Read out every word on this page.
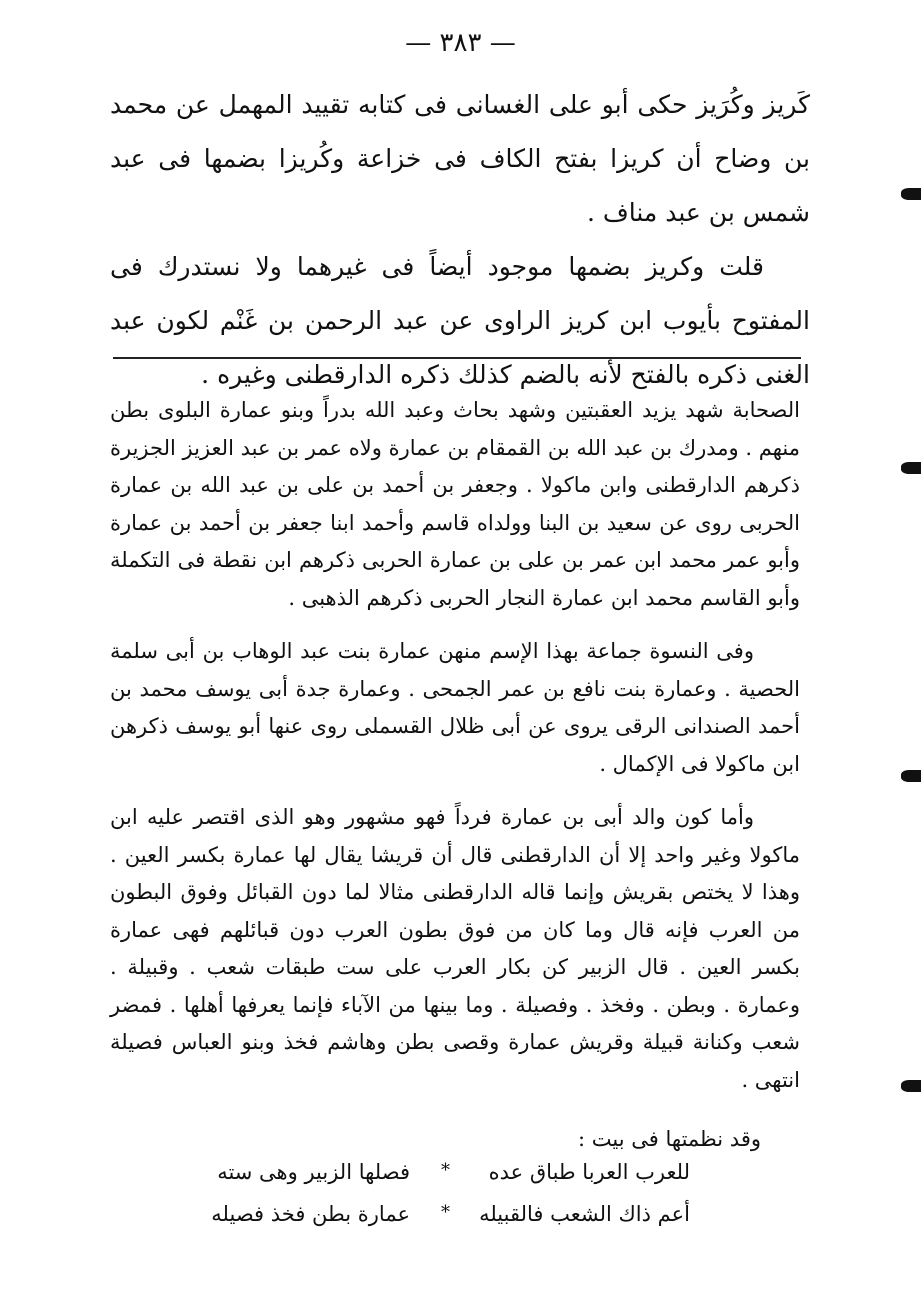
— ٣٨٣ —

كَريز وكُرَيز حكى أبو على الغسانى فى كتابه تقييد المهمل عن محمد بن وضاح أن كريزا بفتح الكاف فى خزاعة وكُريزا بضمها فى عبد شمس بن عبد مناف .

قلت وكريز بضمها موجود أيضاً فى غيرهما ولا نستدرك فى المفتوح بأيوب ابن كريز الراوى عن عبد الرحمن بن غَنْم لكون عبد الغنى ذكره بالفتح لأنه بالضم كذلك ذكره الدارقطنى وغيره .

الصحابة شهد يزيد العقبتين وشهد بحاث وعبد الله بدراً وبنو عمارة البلوى بطن منهم . ومدرك بن عبد الله بن القمقام بن عمارة ولاه عمر بن عبد العزيز الجزيرة ذكرهم الدارقطنى وابن ماكولا . وجعفر بن أحمد بن على بن عبد الله بن عمارة الحربى روى عن سعيد بن البنا وولداه قاسم وأحمد ابنا جعفر بن أحمد بن عمارة وأبو عمر محمد ابن عمر بن على بن عمارة الحربى ذكرهم ابن نقطة فى التكملة وأبو القاسم محمد ابن عمارة النجار الحربى ذكرهم الذهبى .

وفى النسوة جماعة بهذا الإسم منهن عمارة بنت عبد الوهاب بن أبى سلمة الحصية . وعمارة بنت نافع بن عمر الجمحى . وعمارة جدة أبى يوسف محمد بن أحمد الصندانى الرقى يروى عن أبى ظلال القسملى روى عنها أبو يوسف ذكرهن ابن ماكولا فى الإكمال .

وأما كون والد أبى بن عمارة فرداً فهو مشهور وهو الذى اقتصر عليه ابن ماكولا وغير واحد إلا أن الدارقطنى قال أن قريشا يقال لها عمارة بكسر العين . وهذا لا يختص بقريش وإنما قاله الدارقطنى مثالا لما دون القبائل وفوق البطون من العرب فإنه قال وما كان من فوق بطون العرب دون قبائلهم فهى عمارة بكسر العين . قال الزبير كن بكار العرب على ست طبقات شعب . وقبيلة . وعمارة . وبطن . وفخذ . وفصيلة . وما بينها من الآباء فإنما يعرفها أهلها . فمضر شعب وكنانة قبيلة وقريش عمارة وقصى بطن وهاشم فخذ وبنو العباس فصيلة انتهى .

وقد نظمتها فى بيت :
للعرب العربا طباق عده
*
فصلها الزبير وهى سته
أعم ذاك الشعب فالقبيله
*
عمارة بطن فخذ فصيله
